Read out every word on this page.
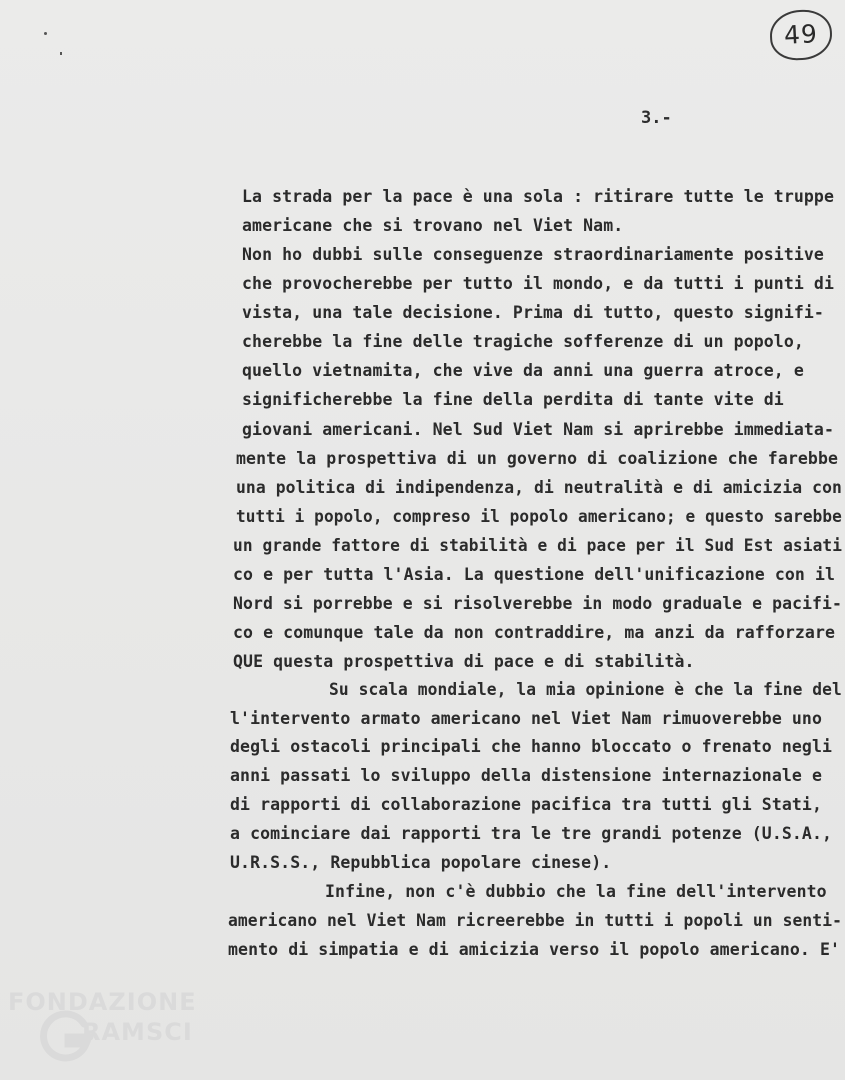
49
3.-
La strada per la pace è una sola : ritirare tutte le truppe
americane che si trovano nel Viet Nam.
Non ho dubbi sulle conseguenze straordinariamente positive
che provocherebbe per tutto il mondo, e da tutti i punti di
vista, una tale decisione. Prima di tutto, questo signifi-
cherebbe la fine delle tragiche sofferenze di un popolo,
quello vietnamita, che vive da anni una guerra atroce, e
significherebbe la fine della perdita di tante vite di
giovani americani. Nel Sud Viet Nam si aprirebbe immediata-
mente la prospettiva di un governo di coalizione che farebbe
una politica di indipendenza, di neutralità e di amicizia con
tutti i popolo, compreso il popolo americano; e questo sarebbe
un grande fattore di stabilità e di pace per il Sud Est asiati
co e per tutta l'Asia. La questione dell'unificazione con il
Nord si porrebbe e si risolverebbe in modo graduale e pacifi-
co e comunque tale da non contraddire, ma anzi da rafforzare
QUE questa prospettiva di pace e di stabilità.
Su scala mondiale, la mia opinione è che la fine del
l'intervento armato americano nel Viet Nam rimuoverebbe uno
degli ostacoli principali che hanno bloccato o frenato negli
anni passati lo sviluppo della distensione internazionale e
di rapporti di collaborazione pacifica tra tutti gli Stati,
a cominciare dai rapporti tra le tre grandi potenze (U.S.A.,
U.R.S.S., Repubblica popolare cinese).
Infine, non c'è dubbio che la fine dell'intervento
americano nel Viet Nam ricreerebbe in tutti i popoli un senti-
mento di simpatia e di amicizia verso il popolo americano. E'
FONDAZIONE
RAMSCI
